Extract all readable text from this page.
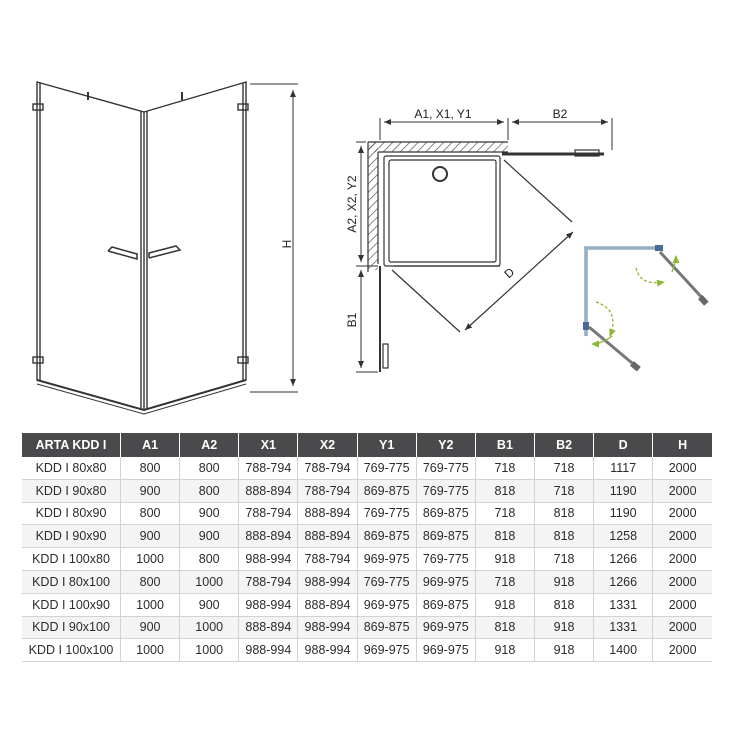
H
A1, X1, Y1	B2
A2, X2, Y2
B1
D
ARTA KDD I	A1	A2	X1	X2	Y1	Y2	B1	B2	D	H
KDD I 80x80	800	800	788-794	788-794	769-775	769-775	718	718	1117	2000
KDD I 90x80	900	800	888-894	788-794	869-875	769-775	818	718	1190	2000
KDD I 80x90	800	900	788-794	888-894	769-775	869-875	718	818	1190	2000
KDD I 90x90	900	900	888-894	888-894	869-875	869-875	818	818	1258	2000
KDD I 100x80	1000	800	988-994	788-794	969-975	769-775	918	718	1266	2000
KDD I 80x100	800	1000	788-794	988-994	769-775	969-975	718	918	1266	2000
KDD I 100x90	1000	900	988-994	888-894	969-975	869-875	918	818	1331	2000
KDD I 90x100	900	1000	888-894	988-994	869-875	969-975	818	918	1331	2000
KDD I 100x100	1000	1000	988-994	988-994	969-975	969-975	918	918	1400	2000
